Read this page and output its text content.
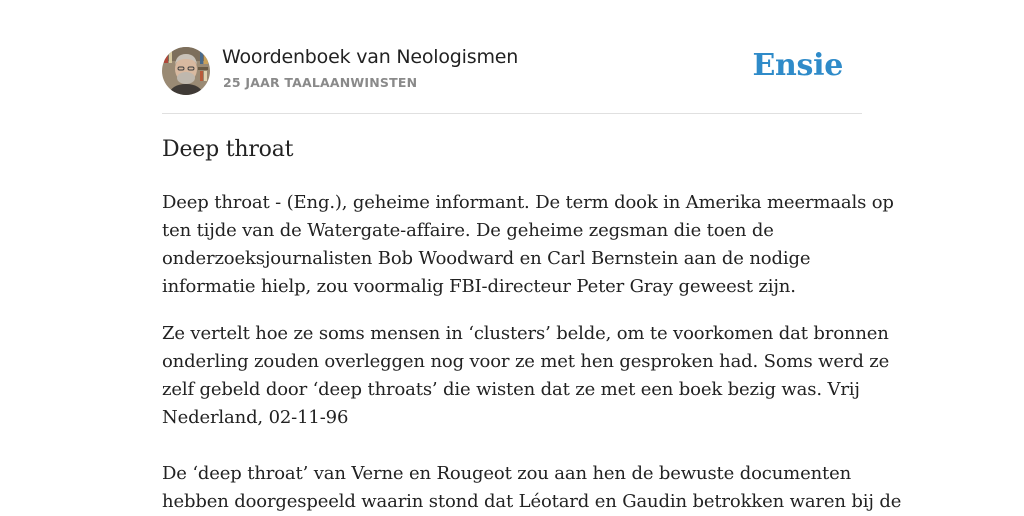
Woordenboek van Neologismen
25 JAAR TAALAANWINSTEN	Ensie
Deep throat

Deep throat - (Eng.), geheime informant. De term dook in Amerika meermaals op
ten tijde van de Watergate-affaire. De geheime zegsman die toen de
onderzoeksjournalisten Bob Woodward en Carl Bernstein aan de nodige
informatie hielp, zou voormalig FBI-directeur Peter Gray geweest zijn.

Ze vertelt hoe ze soms mensen in ‘clusters’ belde, om te voorkomen dat bronnen
onderling zouden overleggen nog voor ze met hen gesproken had. Soms werd ze
zelf gebeld door ‘deep throats’ die wisten dat ze met een boek bezig was. Vrij
Nederland, 02-11-96

De ‘deep throat’ van Verne en Rougeot zou aan hen de bewuste documenten
hebben doorgespeeld waarin stond dat Léotard en Gaudin betrokken waren bij de
